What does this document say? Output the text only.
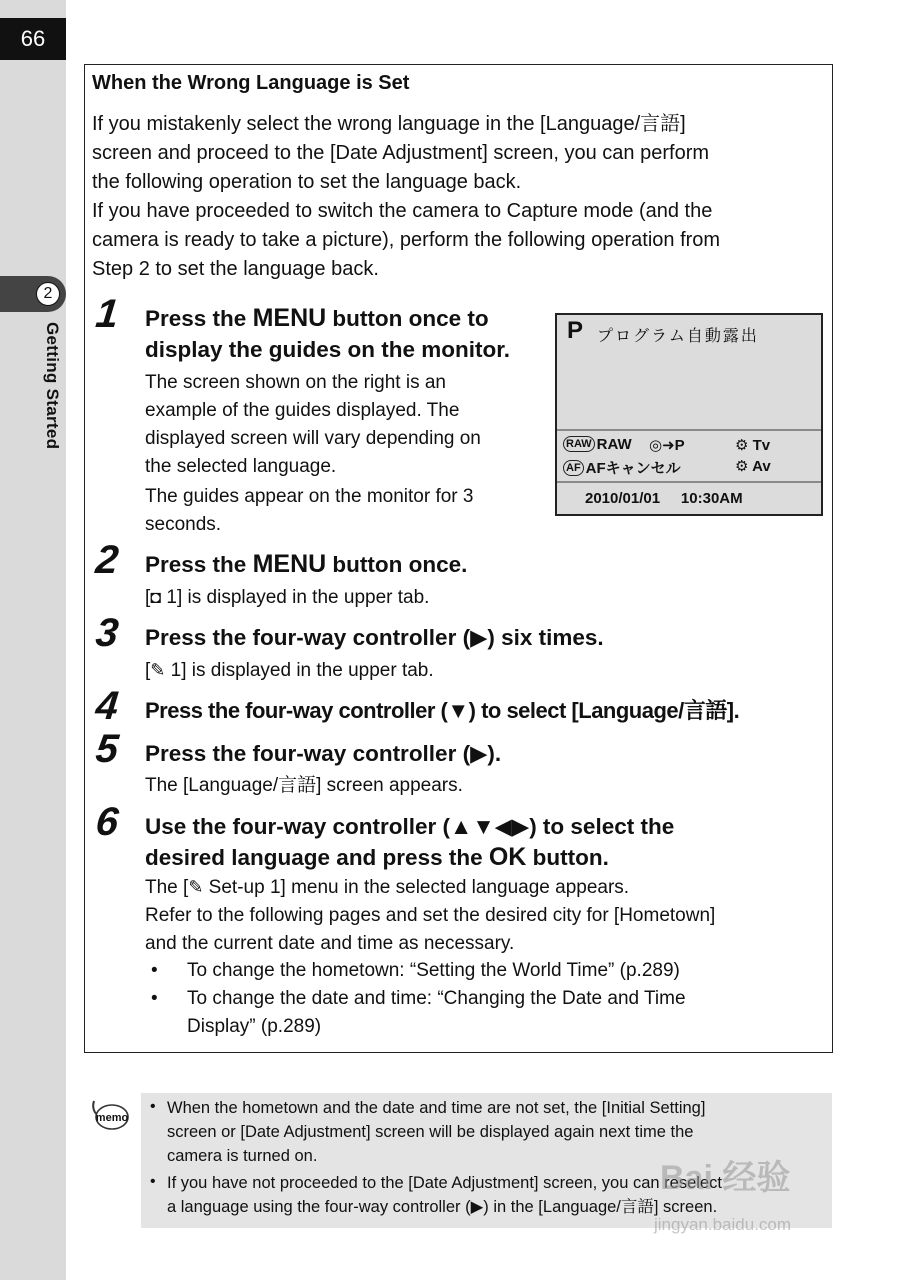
66
2
Getting Started
When the Wrong Language is Set

If you mistakenly select the wrong language in the [Language/言語]

screen and proceed to the [Date Adjustment] screen, you can perform

the following operation to set the language back.

If you have proceeded to switch the camera to Capture mode (and the

camera is ready to take a picture), perform the following operation from

Step 2 to set the language back.

1 Press the MENU button once to
display the guides on the monitor.

The screen shown on the right is an

example of the guides displayed. The

displayed screen will vary depending on

the selected language.

The guides appear on the monitor for 3

seconds.

P プログラム自動露出
RAW RAW ◎➜P	⚙ Tv
AF AFキャンセル	⚙ Av
2010/01/01 10:30AM
2 Press the MENU button once.
[◘ 1] is displayed in the upper tab.
3 Press the four-way controller (▶) six times.
[✎ 1] is displayed in the upper tab.
4 Press the four-way controller (▼) to select [Language/言語].
5 Press the four-way controller (▶).
The [Language/言語] screen appears.
6 Use the four-way controller (▲▼◀▶) to select the
desired language and press the OK button.

The [✎ Set-up 1] menu in the selected language appears.

Refer to the following pages and set the desired city for [Hometown]

and the current date and time as necessary.

• To change the hometown: “Setting the World Time” (p.289)
• To change the date and time: “Changing the Date and Time
Display” (p.289)
memo
• When the hometown and the date and time are not set, the [Initial Setting]
screen or [Date Adjustment] screen will be displayed again next time the
camera is turned on.
• If you have not proceeded to the [Date Adjustment] screen, you can reselect
a language using the four-way controller (▶) in the [Language/言語] screen.
Bai 经验
jingyan.baidu.com
